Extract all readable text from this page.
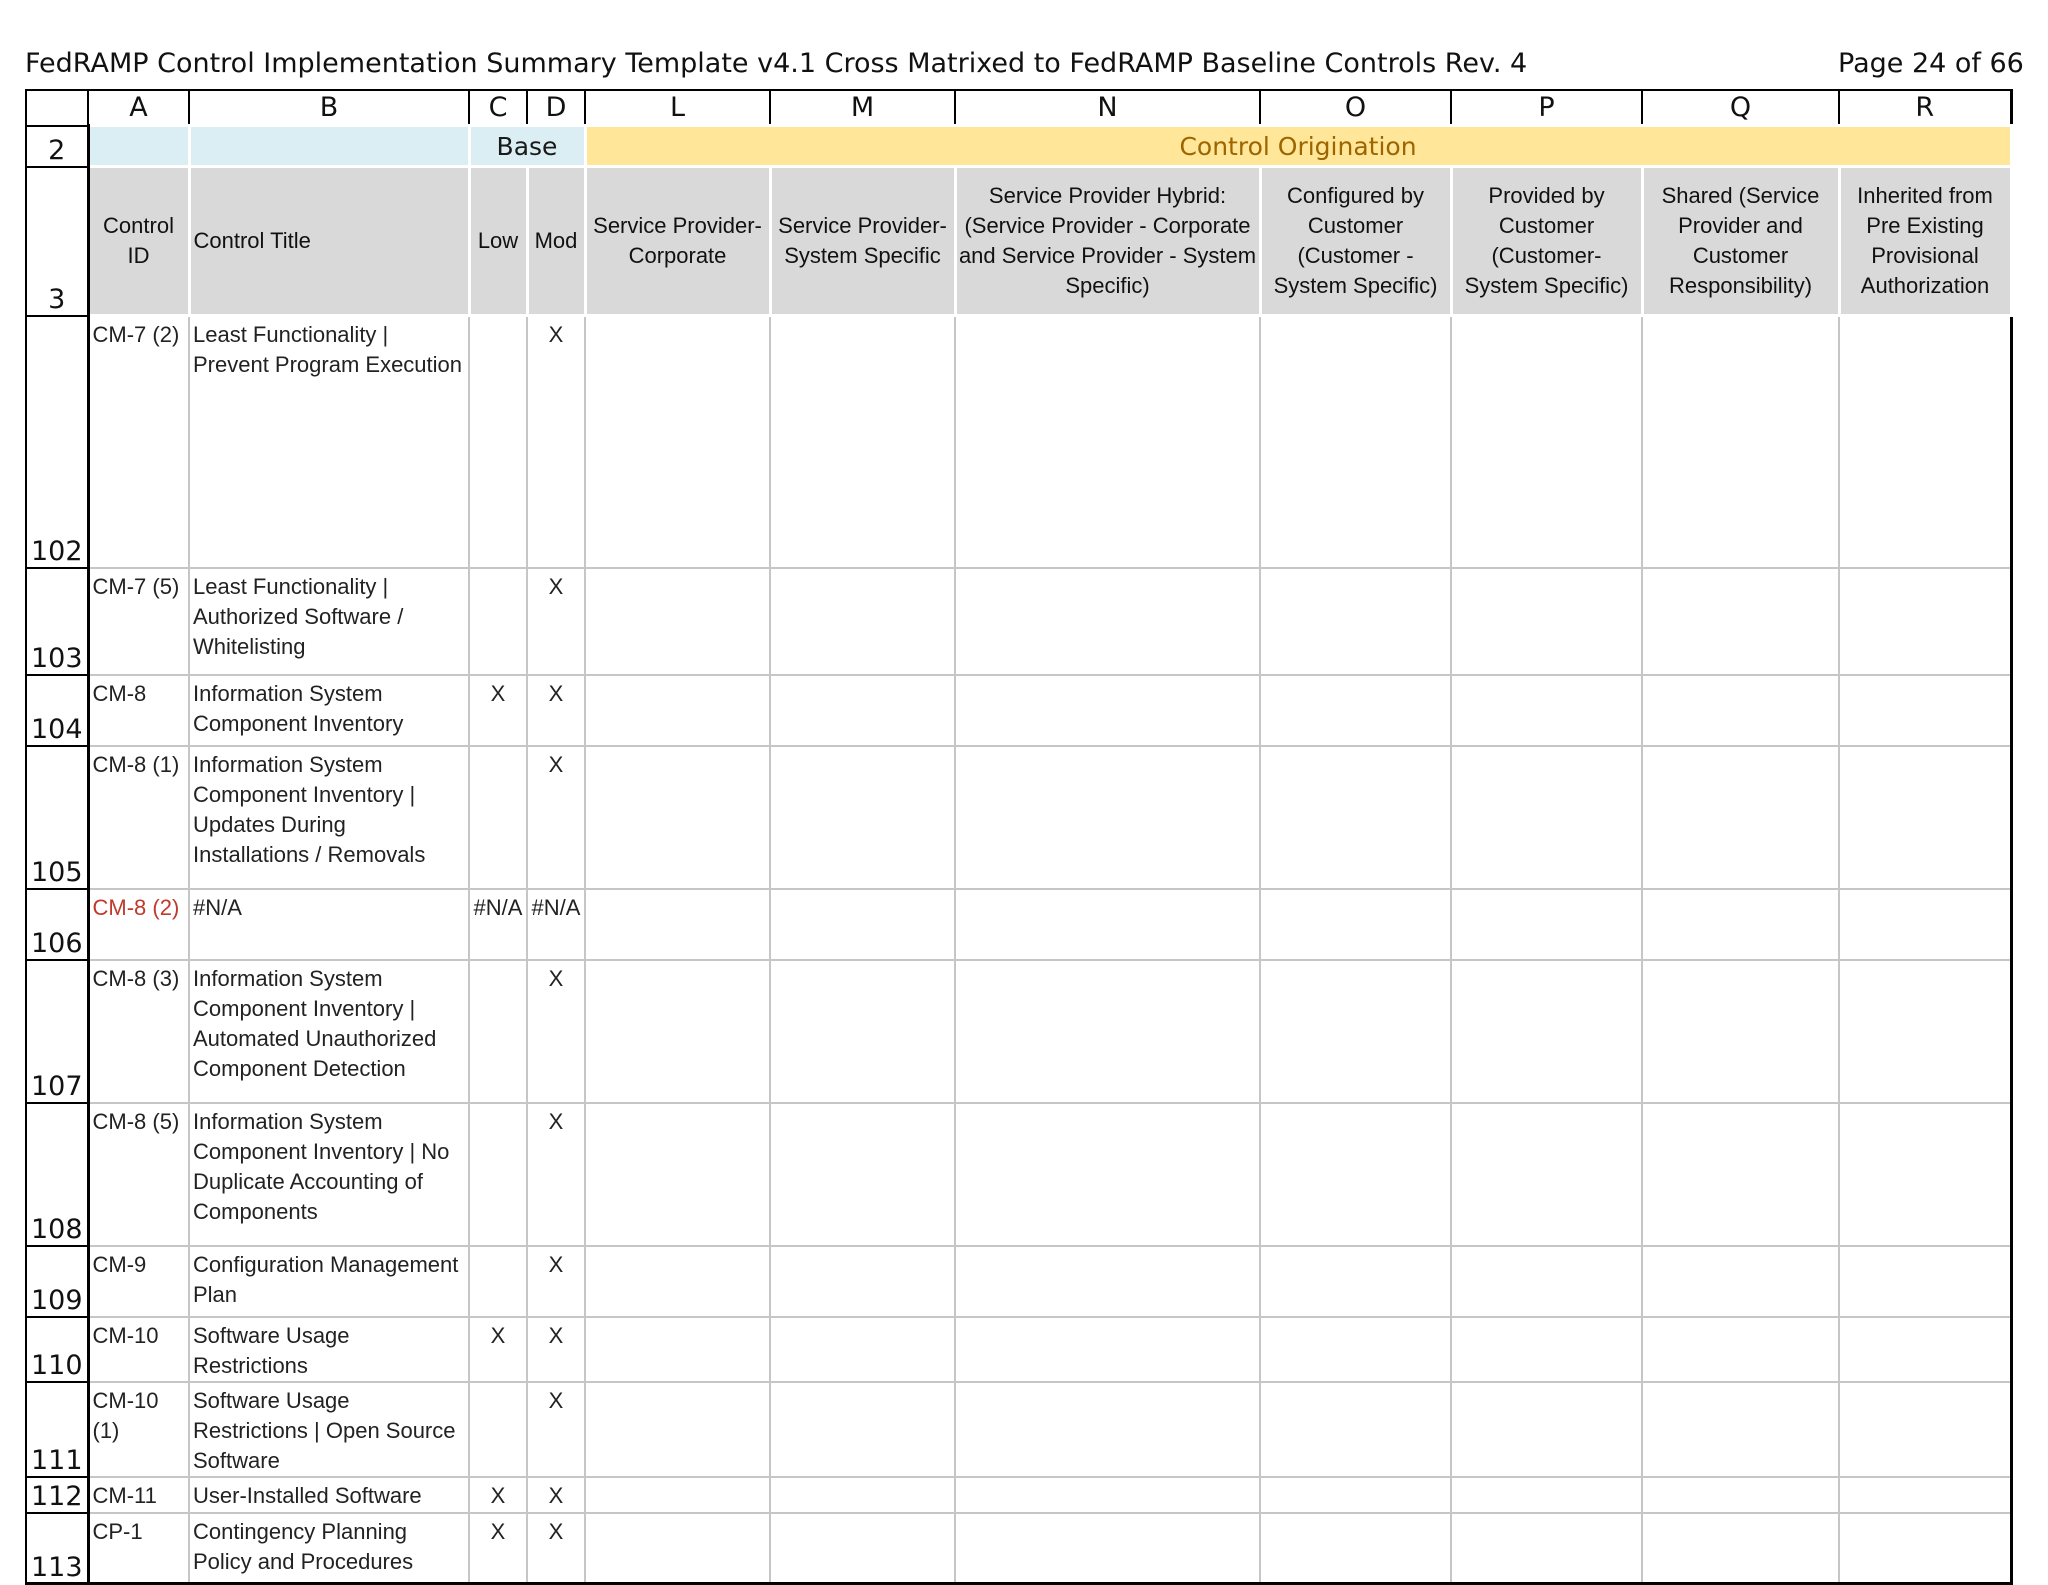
FedRAMP Control Implementation Summary Template v4.1 Cross Matrixed to FedRAMP Baseline Controls Rev. 4	Page 24 of 66
	A	B	C	D	L	M	N	O	P	Q	R
2			Base		Control Origination						
3	Control ID	Control Title	Low	Mod	Service Provider-Corporate	Service Provider-System Specific	Service Provider Hybrid: (Service Provider - Corporate and Service Provider - System Specific)	Configured by Customer (Customer - System Specific)	Provided by Customer (Customer- System Specific)	Shared (Service Provider and Customer Responsibility)	Inherited from Pre Existing Provisional Authorization
102	CM-7 (2)	Least Functionality | Prevent Program Execution		X							
103	CM-7 (5)	Least Functionality | Authorized Software / Whitelisting		X							
104	CM-8	Information System Component Inventory	X	X							
105	CM-8 (1)	Information System Component Inventory | Updates During Installations / Removals		X							
106	CM-8 (2)	#N/A	#N/A	#N/A							
107	CM-8 (3)	Information System Component Inventory | Automated Unauthorized Component Detection		X							
108	CM-8 (5)	Information System Component Inventory | No Duplicate Accounting of Components		X							
109	CM-9	Configuration Management Plan		X							
110	CM-10	Software Usage Restrictions	X	X							
111	CM-10 (1)	Software Usage Restrictions | Open Source Software		X							
112	CM-11	User-Installed Software	X	X							
113	CP-1	Contingency Planning Policy and Procedures	X	X							
